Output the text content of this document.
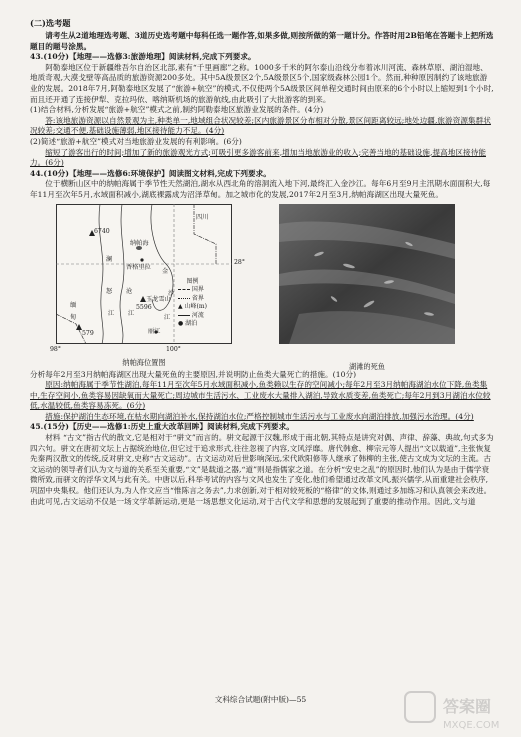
(二)选考题

请考生从2道地理选考题、3道历史选考题中每科任选一题作答,如果多做,则按所做的第一题计分。作答时用2B铅笔在答题卡上把所选题目的题号涂黑。

43.(10分)【地理——选修3:旅游地理】阅读材料,完成下列要求。

阿勒泰地区位于新疆维吾尔自治区北部,素有“千里画廊”之称。1000多千米的阿尔泰山沿线分布着冰川河流、森林草原、湖泊湿地、地质奇观,大漠戈壁等高品质的旅游资源200多处。其中5A级景区2个,5A级景区5个,国家级森林公园1个。然而,种种原因制约了该地旅游业的发展。2018年7月,阿勒泰地区发展了“旅游+航空”的模式,不仅使两个5A级景区间单程交通时间由原来的6个小时以上缩短到1个小时,而且还开通了连接伊犁、克拉玛依、喀纳斯机场的旅游航线,由此吸引了大批游客的到来。

(1)结合材料,分析发展“旅游+航空”模式之前,制约阿勒泰地区旅游业发展的条件。(4分)

答:该地旅游资源以自然景观为主,种类单一,地域组合状况较差;区内旅游景区分布相对分散,景区间距离较远;地处边疆,旅游资源集群状况较差;交通不便,基础设施薄弱,地区接待能力不足。(4分)

(2)简述“旅游+航空”模式对当地旅游业发展的有利影响。(6分)

缩短了游客出行的时间;增加了新的旅游观光方式;可吸引更多游客前来,增加当地旅游业的收入;完善当地的基础设施,提高地区接待能力。(6分)

44.(10分)【地理——选修6:环境保护】阅读图文材料,完成下列要求。

位于横断山区中的纳帕海属于季节性天然湖泊,湖水从西北角的溶洞流入地下河,最终汇入金沙江。每年6月至9月主汛期水面面积大,每年11月至次年5月,水域面积减小,湖底裸露成为沼泽草甸。加之城市化的发展,2017年2月至3月,纳帕海湖区出现大量死鱼。

四川
纳帕海
香格里拉
6740
澜
怒 沧
江 江
金
沙
江
玉龙雪山
5596
丽江
缅
甸
579
28°
98°	100°
图例
国界
省界
▲ 山峰(m)
河流
● 湖泊
纳帕海位置图	湖滩的死鱼

分析每年2月至3月纳帕海湖区出现大量死鱼的主要原因,并说明防止鱼类大量死亡的措施。(10分)

原因:纳帕海属于季节性湖泊,每年11月至次年5月水域面积减小,鱼类赖以生存的空间减小;每年2月至3月纳帕海湖泊水位下降,鱼类集中,生存空间小,鱼类容易因缺氧而大量死亡;周边城市生活污水、工业废水大量排入湖泊,导致水质变差,鱼类死亡;每年2月到3月湖泊水位较低,水温较低,鱼类容易冻死。(6分)

措施:保护湖泊生态环境,在枯水期向湖泊补水,保持湖泊水位;严格控制城市生活污水与工业废水向湖泊排放,加强污水治理。(4分)

45.(15分)【历史——选修1:历史上重大改革回眸】阅读材料,完成下列要求。

材料 “古文”指古代的散文,它是相对于“骈文”而言的。骈文起源于汉魏,形成于南北朝,其特点是讲究对偶、声律、辞藻、典故,句式多为四六句。骈文在唐初文坛上占据统治地位,但它过于追求形式,往往忽视了内容,文风浮靡。唐代韩愈、柳宗元等人提出“文以载道”,主张恢复先秦两汉散文的传统,反对骈文,史称“古文运动”。古文运动对后世影响深远,宋代欧阳修等人继承了韩柳的主张,使古文成为文坛的主流。古文运动的领导者们认为文与道的关系至关重要,“文”是载道之器,“道”则是指儒家之道。在分析“安史之乱”的原因时,他们认为是由于儒学衰微所致,而骈文的浮华文风与此有关。中唐以后,科举考试的内容与文风也发生了变化,他们希望通过改革文风,振兴儒学,从而重建社会秩序,巩固中央集权。他们还认为,为人作文应当“惟陈言之务去”,力求创新,对于相对较死板的“格律”的文体,则通过多加练习和认真领会来改进。由此可见,古文运动不仅是一场文学革新运动,更是一场思想文化运动,对于古代文学和思想的发展起到了重要的推动作用。因此,文与道

文科综合试题(附中版)—55	答案圈
MXQE.COM
